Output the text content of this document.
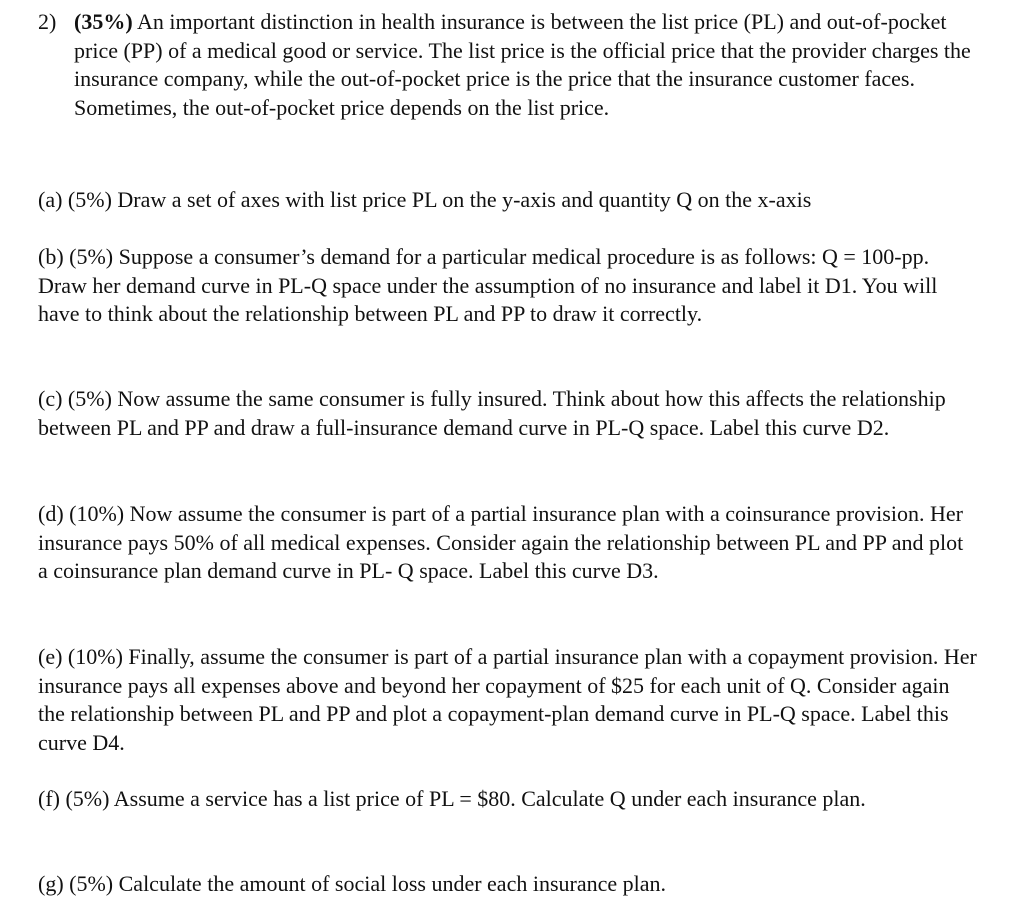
2) (35%) An important distinction in health insurance is between the list price (PL) and out-of-pocket price (PP) of a medical good or service. The list price is the official price that the provider charges the insurance company, while the out-of-pocket price is the price that the insurance customer faces. Sometimes, the out-of-pocket price depends on the list price.
(a) (5%) Draw a set of axes with list price PL on the y-axis and quantity Q on the x-axis
(b) (5%) Suppose a consumer’s demand for a particular medical procedure is as follows: Q = 100-pp. Draw her demand curve in PL-Q space under the assumption of no insurance and label it D1. You will have to think about the relationship between PL and PP to draw it correctly.
(c) (5%) Now assume the same consumer is fully insured. Think about how this affects the relationship between PL and PP and draw a full-insurance demand curve in PL-Q space. Label this curve D2.
(d) (10%) Now assume the consumer is part of a partial insurance plan with a coinsurance provision. Her insurance pays 50% of all medical expenses. Consider again the relationship between PL and PP and plot a coinsurance plan demand curve in PL- Q space. Label this curve D3.
(e) (10%) Finally, assume the consumer is part of a partial insurance plan with a copayment provision. Her insurance pays all expenses above and beyond her copayment of $25 for each unit of Q. Consider again the relationship between PL and PP and plot a copayment-plan demand curve in PL-Q space. Label this curve D4.
(f) (5%) Assume a service has a list price of PL = $80. Calculate Q under each insurance plan.
(g) (5%) Calculate the amount of social loss under each insurance plan.
